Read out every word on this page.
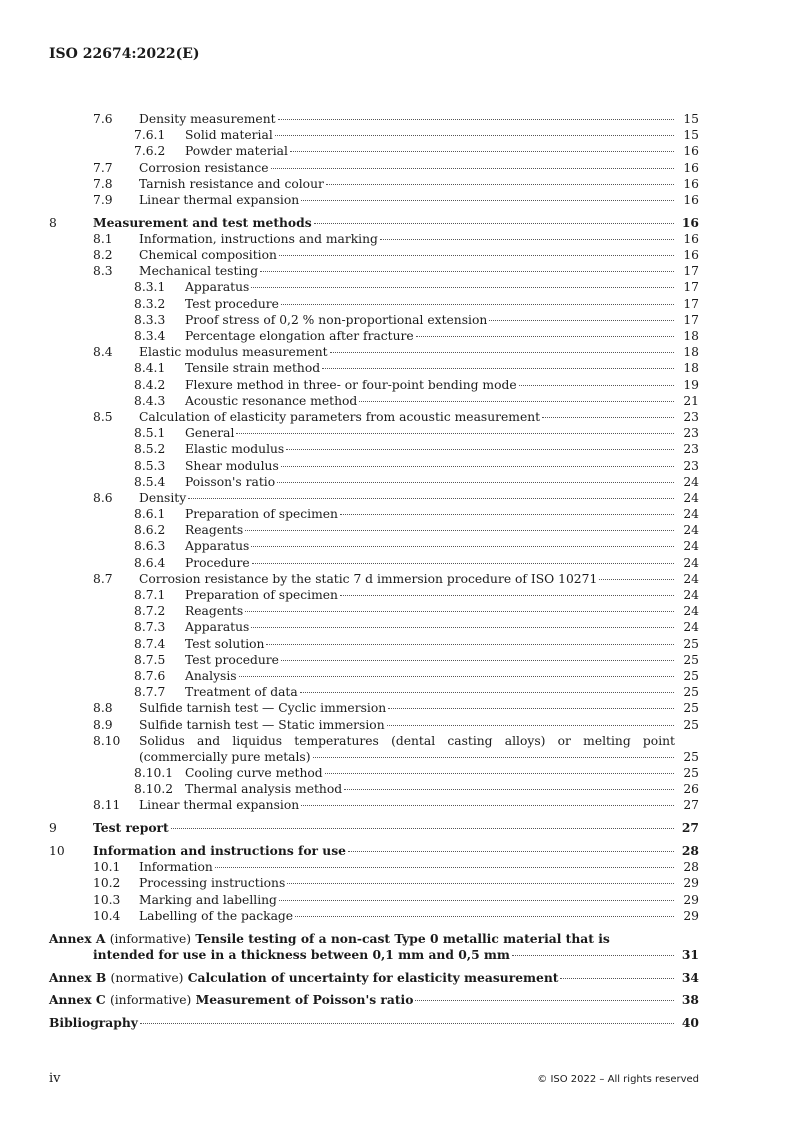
ISO 22674:2022(E)
7.6 Density measurement	15
7.6.1 Solid material	15
7.6.2 Powder material	16
7.7 Corrosion resistance	16
7.8 Tarnish resistance and colour	16
7.9 Linear thermal expansion	16
8	Measurement and test methods	16
8.1 Information, instructions and marking	16
8.2 Chemical composition	16
8.3 Mechanical testing	17
8.3.1 Apparatus	17
8.3.2 Test procedure	17
8.3.3 Proof stress of 0,2 % non-proportional extension	17
8.3.4 Percentage elongation after fracture	18
8.4 Elastic modulus measurement	18
8.4.1 Tensile strain method	18
8.4.2 Flexure method in three- or four-point bending mode	19
8.4.3 Acoustic resonance method	21
8.5 Calculation of elasticity parameters from acoustic measurement	23
8.5.1 General	23
8.5.2 Elastic modulus	23
8.5.3 Shear modulus	23
8.5.4 Poisson's ratio	24
8.6 Density	24
8.6.1 Preparation of specimen	24
8.6.2 Reagents	24
8.6.3 Apparatus	24
8.6.4 Procedure	24
8.7 Corrosion resistance by the static 7 d immersion procedure of ISO 10271	24
8.7.1 Preparation of specimen	24
8.7.2 Reagents	24
8.7.3 Apparatus	24
8.7.4 Test solution	25
8.7.5 Test procedure	25
8.7.6 Analysis	25
8.7.7 Treatment of data	25
8.8 Sulfide tarnish test — Cyclic immersion	25
8.9 Sulfide tarnish test — Static immersion	25
8.10 Solidus and liquidus temperatures (dental casting alloys) or melting point
(commercially pure metals)	25
8.10.1 Cooling curve method	25
8.10.2 Thermal analysis method	26
8.11 Linear thermal expansion	27
9	Test report	27
10 Information and instructions for use	28
10.1 Information	28
10.2 Processing instructions	29
10.3 Marking and labelling	29
10.4 Labelling of the package	29
Annex A (informative) Tensile testing of a non-cast Type 0 metallic material that is
intended for use in a thickness between 0,1 mm and 0,5 mm	31
Annex B (normative) Calculation of uncertainty for elasticity measurement	34
Annex C (informative) Measurement of Poisson's ratio	38
Bibliography	40
iv	© ISO 2022 – All rights reserved
